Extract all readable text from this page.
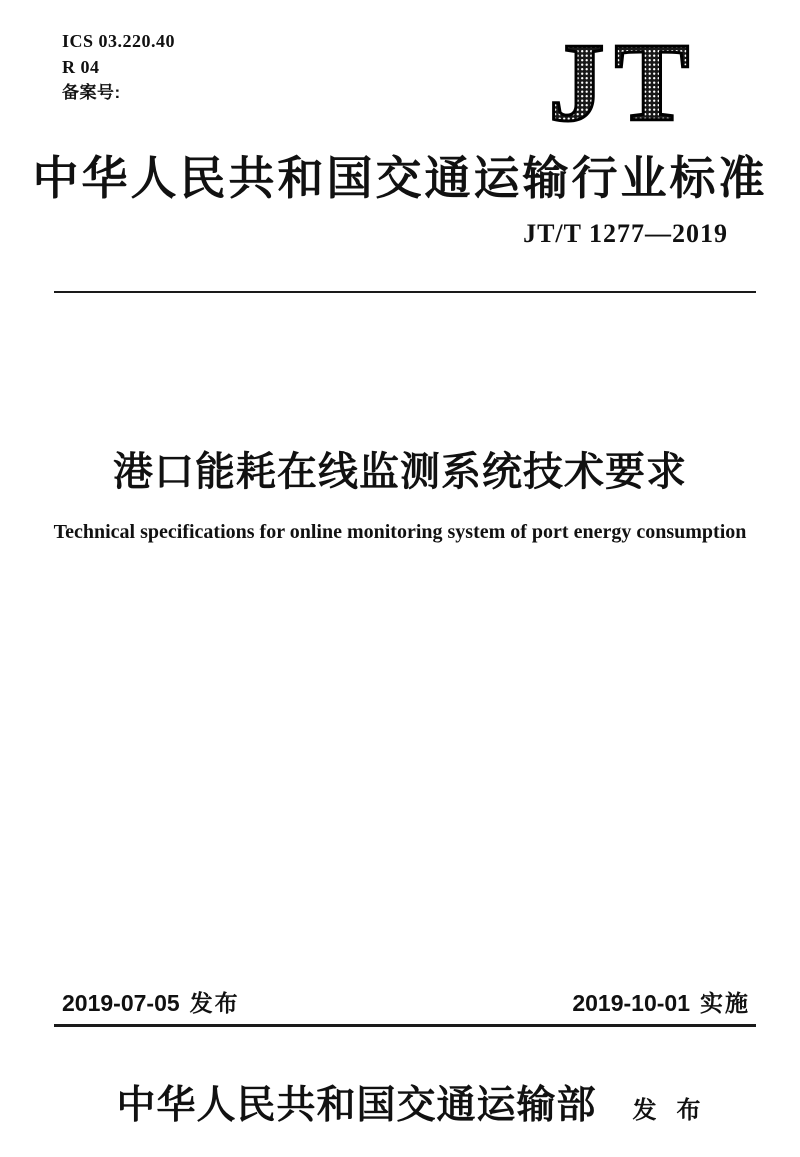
ICS 03.220.40
R 04
备案号:	JT
中华人民共和国交通运输行业标准
JT/T 1277—2019
港口能耗在线监测系统技术要求
Technical specifications for online monitoring system of port energy consumption
2019-07-05 发布	2019-10-01 实施
中华人民共和国交通运输部 发 布
